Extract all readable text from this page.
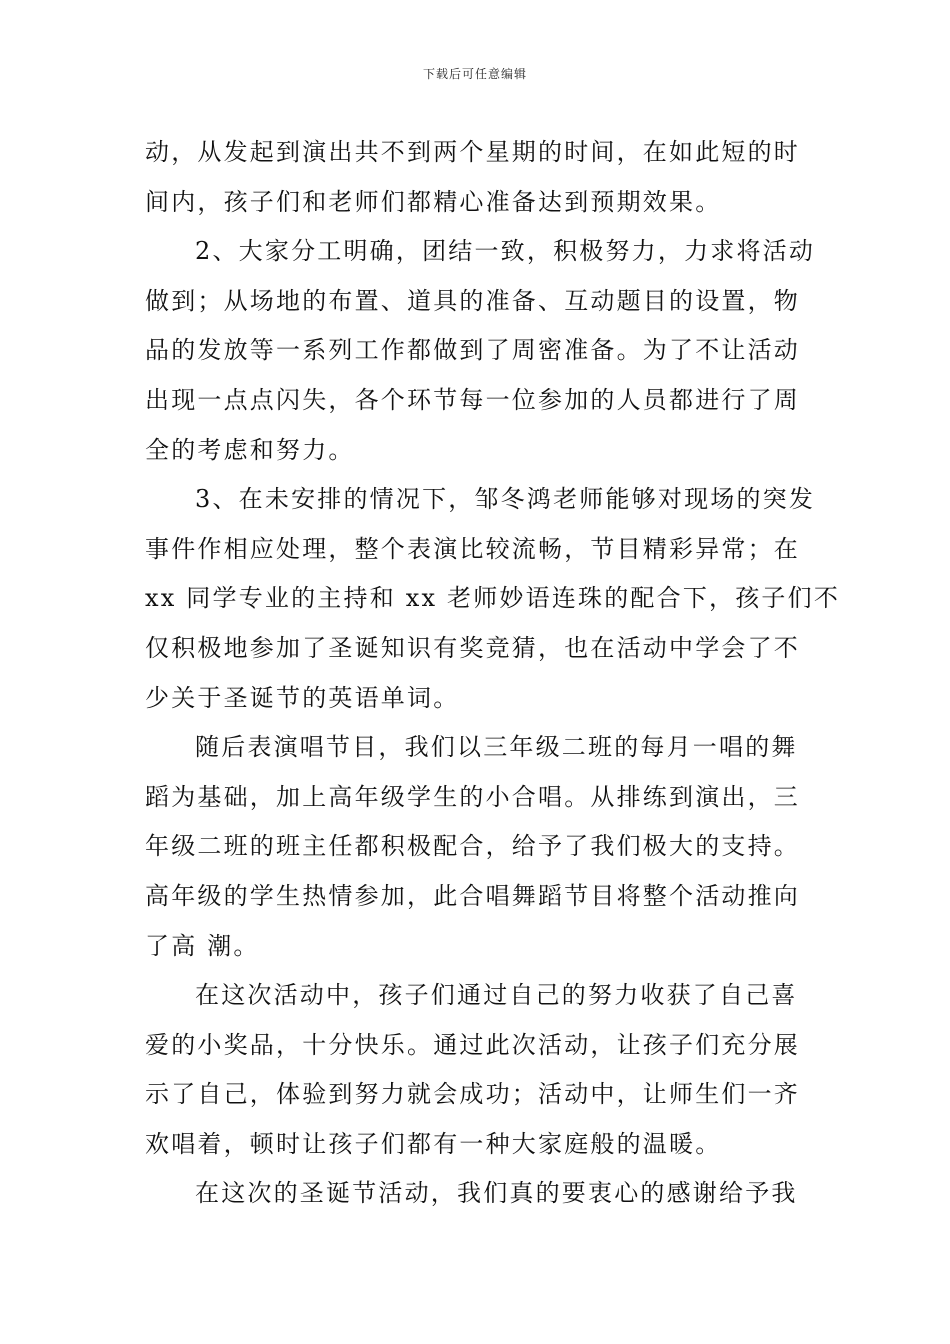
下载后可任意编辑

动，从发起到演出共不到两个星期的时间，在如此短的时
间内，孩子们和老师们都精心准备达到预期效果。

2、大家分工明确，团结一致，积极努力，力求将活动
做到；从场地的布置、道具的准备、互动题目的设置，物
品的发放等一系列工作都做到了周密准备。为了不让活动
出现一点点闪失，各个环节每一位参加的人员都进行了周
全的考虑和努力。

3、在未安排的情况下，邹冬鸿老师能够对现场的突发
事件作相应处理，整个表演比较流畅，节目精彩异常；在
xx 同学专业的主持和 xx 老师妙语连珠的配合下，孩子们不
仅积极地参加了圣诞知识有奖竞猜，也在活动中学会了不
少关于圣诞节的英语单词。

随后表演唱节目，我们以三年级二班的每月一唱的舞
蹈为基础，加上高年级学生的小合唱。从排练到演出，三
年级二班的班主任都积极配合，给予了我们极大的支持。
高年级的学生热情参加，此合唱舞蹈节目将整个活动推向
了高 潮。

在这次活动中，孩子们通过自己的努力收获了自己喜
爱的小奖品，十分快乐。通过此次活动，让孩子们充分展
示了自己，体验到努力就会成功；活动中，让师生们一齐
欢唱着，顿时让孩子们都有一种大家庭般的温暖。

在这次的圣诞节活动，我们真的要衷心的感谢给予我
